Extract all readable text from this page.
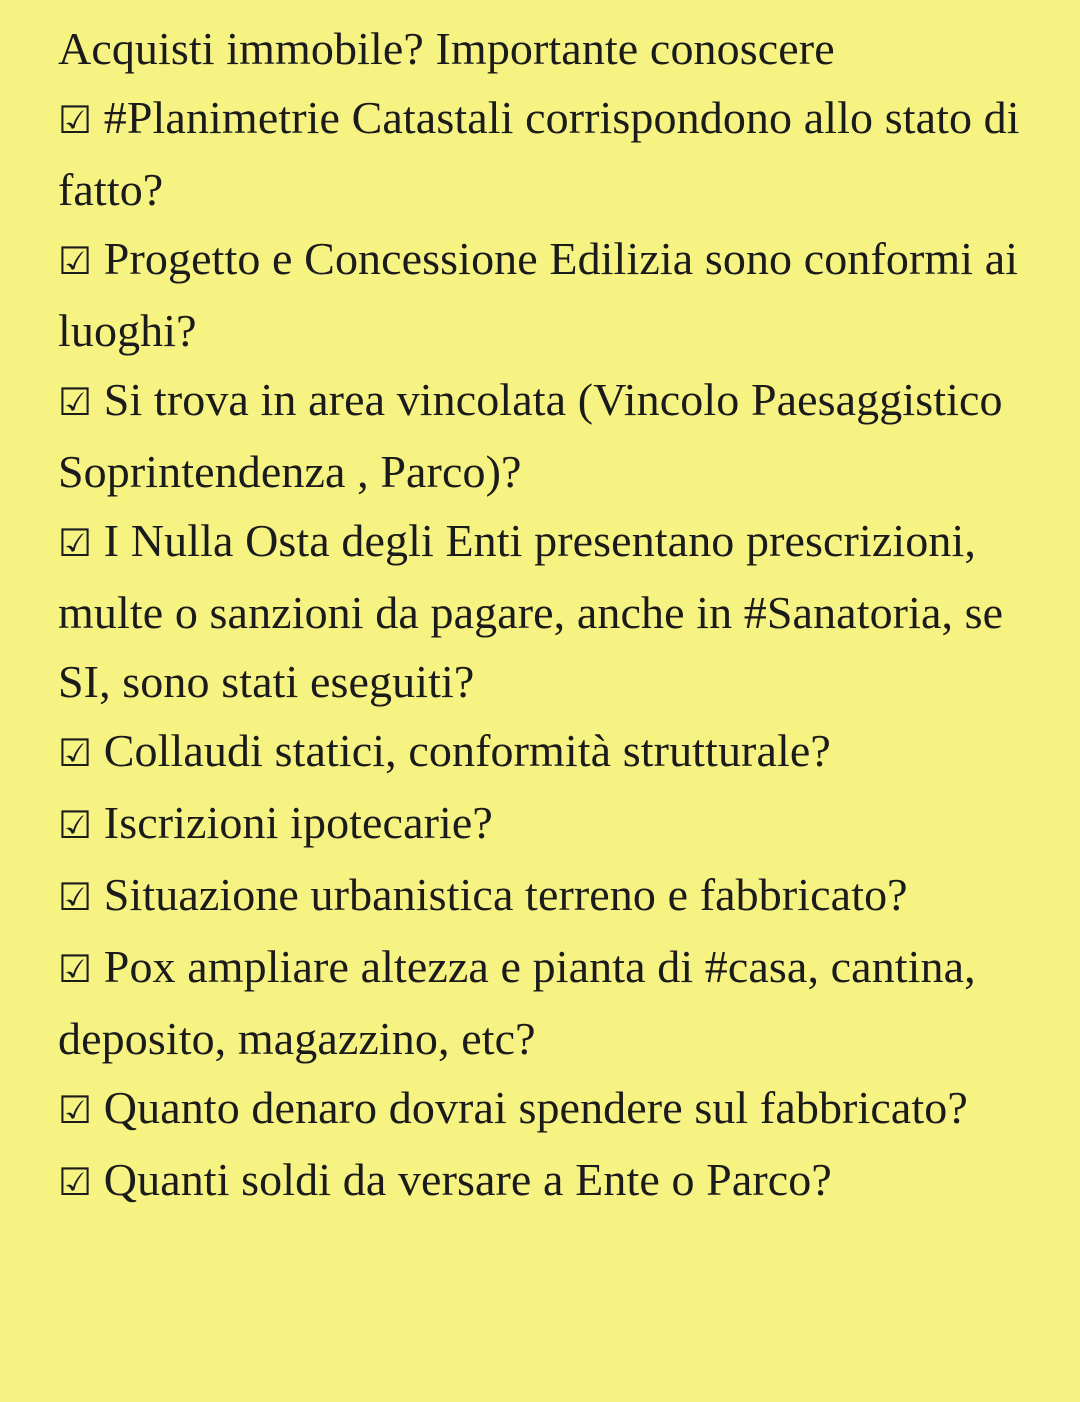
Acquisti immobile? Importante conoscere
☑ #Planimetrie Catastali corrispondono allo stato di fatto?
☑ Progetto e Concessione Edilizia sono conformi ai luoghi?
☑ Si trova in area vincolata (Vincolo Paesaggistico Soprintendenza , Parco)?
☑ I Nulla Osta degli Enti presentano prescrizioni, multe o sanzioni da pagare, anche in #Sanatoria, se SI, sono stati eseguiti?
☑ Collaudi statici, conformità strutturale?
☑ Iscrizioni ipotecarie?
☑ Situazione urbanistica terreno e fabbricato?
☑ Pox ampliare altezza e pianta di #casa, cantina, deposito, magazzino, etc?
☑ Quanto denaro dovrai spendere sul fabbricato?
☑ Quanti soldi da versare a Ente o Parco?
